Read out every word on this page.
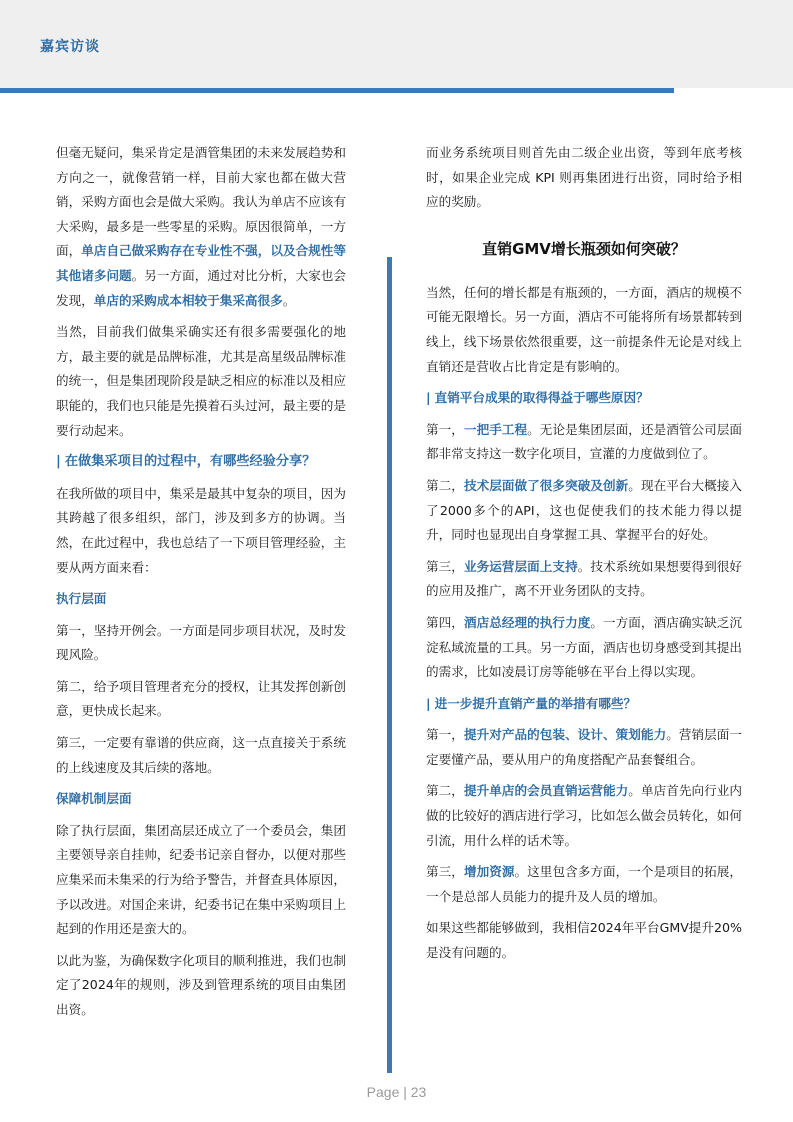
嘉宾访谈

但毫无疑问，集采肯定是酒管集团的未来发展趋势和方向之一，就像营销一样，目前大家也都在做大营销，采购方面也会是做大采购。我认为单店不应该有大采购，最多是一些零星的采购。原因很简单，一方面，单店自己做采购存在专业性不强，以及合规性等其他诸多问题。另一方面，通过对比分析，大家也会发现，单店的采购成本相较于集采高很多。

当然，目前我们做集采确实还有很多需要强化的地方，最主要的就是品牌标准，尤其是高星级品牌标准的统一，但是集团现阶段是缺乏相应的标准以及相应职能的，我们也只能是先摸着石头过河，最主要的是要行动起来。

| 在做集采项目的过程中，有哪些经验分享？

在我所做的项目中，集采是最其中复杂的项目，因为其跨越了很多组织，部门，涉及到多方的协调。当然，在此过程中，我也总结了一下项目管理经验，主要从两方面来看：

执行层面

第一，坚持开例会。一方面是同步项目状况，及时发现风险。

第二，给予项目管理者充分的授权，让其发挥创新创意，更快成长起来。

第三，一定要有靠谱的供应商，这一点直接关于系统的上线速度及其后续的落地。

保障机制层面

除了执行层面，集团高层还成立了一个委员会，集团主要领导亲自挂帅，纪委书记亲自督办，以便对那些应集采而未集采的行为给予警告，并督查具体原因，予以改进。对国企来讲，纪委书记在集中采购项目上起到的作用还是蛮大的。

以此为鉴，为确保数字化项目的顺利推进，我们也制定了2024年的规则，涉及到管理系统的项目由集团出资。

而业务系统项目则首先由二级企业出资，等到年底考核时，如果企业完成 KPI 则再集团进行出资，同时给予相应的奖励。

直销GMV增长瓶颈如何突破？

当然，任何的增长都是有瓶颈的，一方面，酒店的规模不可能无限增长。另一方面，酒店不可能将所有场景都转到线上，线下场景依然很重要，这一前提条件无论是对线上直销还是营收占比肯定是有影响的。

| 直销平台成果的取得得益于哪些原因？

第一，一把手工程。无论是集团层面，还是酒管公司层面都非常支持这一数字化项目，宣灌的力度做到位了。

第二，技术层面做了很多突破及创新。现在平台大概接入了2000多个的API，这也促使我们的技术能力得以提升，同时也显现出自身掌握工具、掌握平台的好处。

第三，业务运营层面上支持。技术系统如果想要得到很好的应用及推广，离不开业务团队的支持。

第四，酒店总经理的执行力度。一方面，酒店确实缺乏沉淀私域流量的工具。另一方面，酒店也切身感受到其提出的需求，比如凌晨订房等能够在平台上得以实现。

| 进一步提升直销产量的举措有哪些？

第一，提升对产品的包装、设计、策划能力。营销层面一定要懂产品，要从用户的角度搭配产品套餐组合。

第二，提升单店的会员直销运营能力。单店首先向行业内做的比较好的酒店进行学习，比如怎么做会员转化，如何引流，用什么样的话术等。

第三，增加资源。这里包含多方面，一个是项目的拓展，一个是总部人员能力的提升及人员的增加。

如果这些都能够做到，我相信2024年平台GMV提升20%是没有问题的。

Page | 23
